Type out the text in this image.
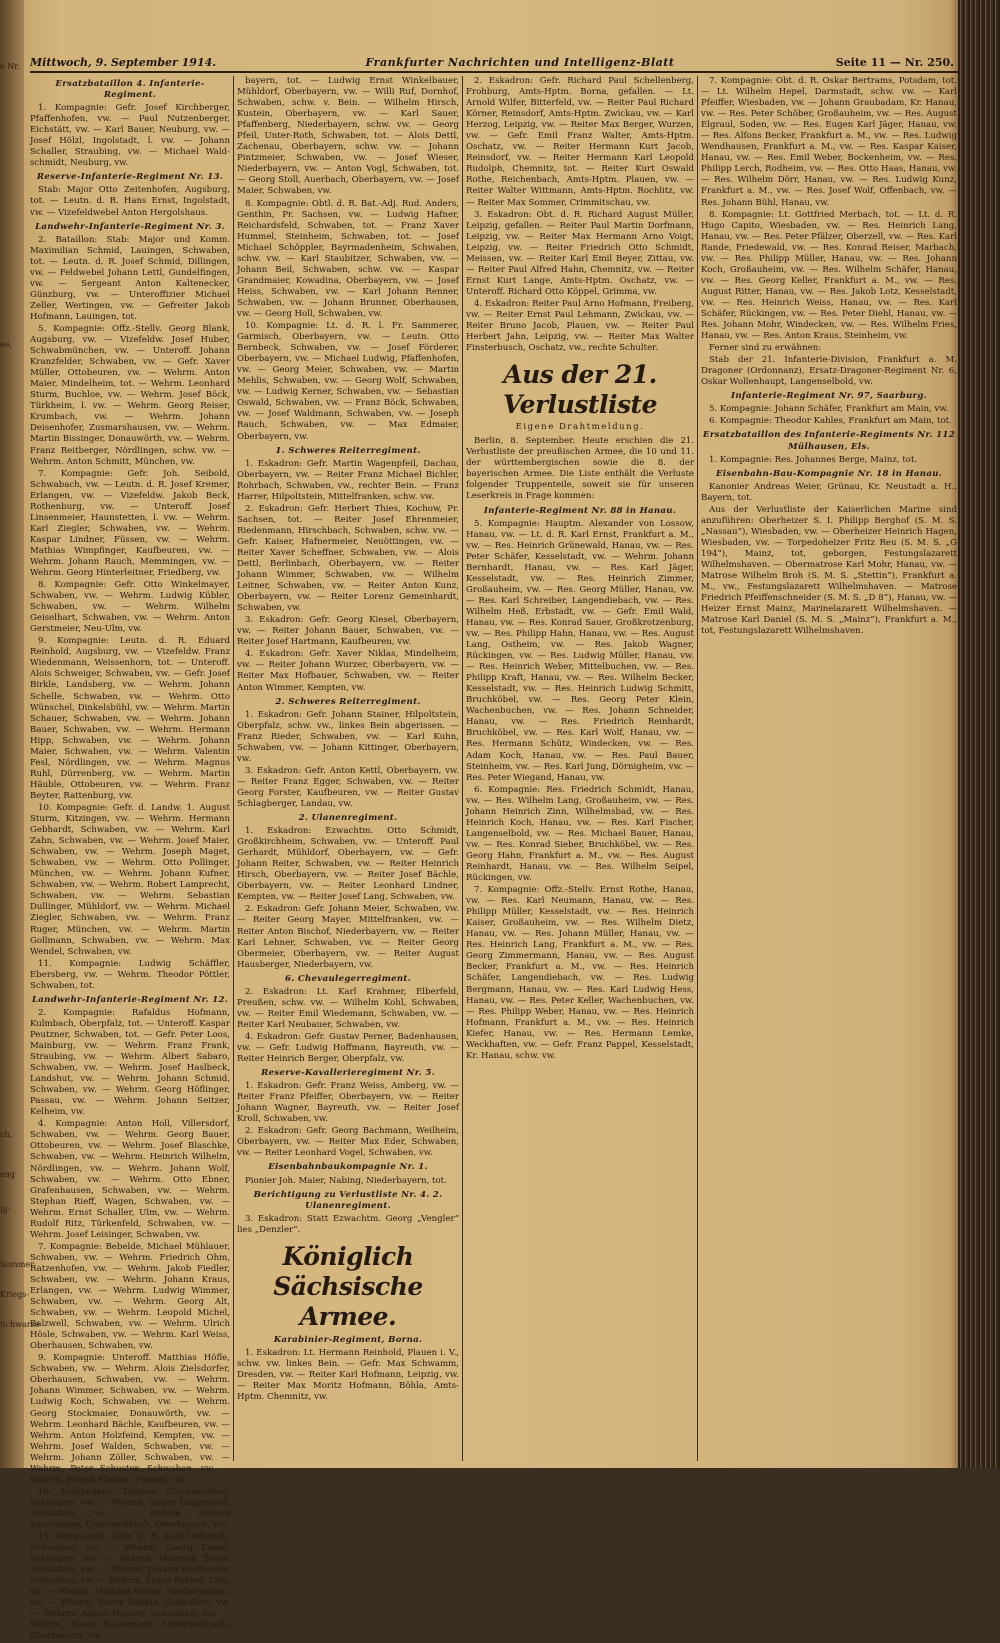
e Nr.
ee,
ch,
eng
ig-
Sommer
Kriegs-
Schwarze
Mittwoch, 9. September 1914.	Frankfurter Nachrichten und Intelligenz-Blatt	Seite 11 — Nr. 250.
Ersatzbataillon 4. Infanterie-Regiment.

1. Kompagnie: Gefr. Josef Kirchberger, Pfaffenhofen, vw. — Paul Nutzenberger, Eichstätt, vw. — Karl Bauer, Neuburg, vw. — Josef Hölzl, Ingolstadt, l. vw. — Johann Schaller, Straubing, vw. — Michael Wald-schmidt, Neuburg, vw.

Reserve-Infanterie-Regiment Nr. 13.

Stab: Major Otto Zeitenhofen, Augsburg, tot. — Leutn. d. R. Hans Ernst, Ingolstadt, vw. — Vizefeldwebel Anton Hergolshaus.

Landwehr-Infanterie-Regiment Nr. 3.

2. Bataillon: Stab: Major und Komm. Maximilian Schmid, Lauingen, Schwaben, tot. — Leutn. d. R. Josef Schmid, Dillingen, vw. — Feldwebel Johann Lettl, Gundelfingen, vw. — Sergeant Anton Kaltenecker, Günzburg, vw. — Unteroffizier Michael Zeller, Wertingen, vw. — Gefreiter Jakob Hofmann, Lauingen, tot.

5. Kompagnie: Offz.-Stellv. Georg Blank, Augsburg, vw. — Vizefeldw. Josef Huber, Schwabmünchen, vw. — Unteroff. Johann Kranzfelder, Schwaben, vw. — Gefr. Xaver Müller, Ottobeuren, vw. — Wehrm. Anton Maier, Mindelheim, tot. — Wehrm. Leonhard Sturm, Buchloe, vw. — Wehrm. Josef Böck, Türkheim, l. vw. — Wehrm. Georg Reiser, Krumbach, vw. — Wehrm. Johann Deisenhofer, Zusmarshausen, vw. — Wehrm. Martin Bissinger, Donauwörth, vw. — Wehrm. Franz Reitberger, Nördlingen, schw. vw. — Wehrm. Anton Schmitt, München, vw.

7. Kompagnie: Gefr. Joh. Seibold, Schwabach, vw. — Leutn. d. R. Josef Kremer, Erlangen, vw. — Vizefeldw. Jakob Beck, Rothenburg, vw. — Unteroff. Josef Linsenmeier, Haunstetten, l. vw. — Wehrm. Karl Ziegler, Schwaben, vw. — Wehrm. Kaspar Lindner, Füssen, vw. — Wehrm. Mathias Wimpfinger, Kaufbeuren, vw. — Wehrm. Johann Rauch, Memmingen, vw. — Wehrm. Georg Hinterleitner, Friedberg, vw.

8. Kompagnie: Gefr. Otto Winkelmayer, Schwaben, vw. — Wehrm. Ludwig Kübler, Schwaben, vw. — Wehrm. Wilhelm Geiselhart, Schwaben, vw. — Wehrm. Anton Gerstmeier, Neu-Ulm, vw.

9. Kompagnie: Leutn. d. R. Eduard Reinhold, Augsburg, vw. — Vizefeldw. Franz Wiedenmann, Weissenhorn, tot. — Unteroff. Alois Schweiger, Schwaben, vw. — Gefr. Josef Birkle, Landsberg, vw. — Wehrm. Johann Schelle, Schwaben, vw. — Wehrm. Otto Wünschel, Dinkelsbühl, vw. — Wehrm. Martin Schauer, Schwaben, vw. — Wehrm. Johann Bauer, Schwaben, vw. — Wehrm. Hermann Hipp, Schwaben, vw. — Wehrm. Johann Maier, Schwaben, vw. — Wehrm. Valentin Fesl, Nördlingen, vw. — Wehrm. Magnus Ruhl, Dürrenberg, vw. — Wehrm. Martin Häuble, Ottobeuren, vw. — Wehrm. Franz Beyter, Rattenburg, vw.

10. Kompagnie: Gefr. d. Landw. 1. August Sturm, Kitzingen, vw. — Wehrm. Hermann Gebhardt, Schwaben, vw. — Wehrm. Karl Zahn, Schwaben, vw. — Wehrm. Josef Maier, Schwaben, vw. — Wehrm. Joseph Maget, Schwaben, vw. — Wehrm. Otto Pollinger, München, vw. — Wehrm. Johann Kufner, Schwaben, vw. — Wehrm. Robert Lamprecht, Schwaben, vw. — Wehrm. Sebastian Dullinger, Mühldorf, vw. — Wehrm. Michael Ziegler, Schwaben, vw. — Wehrm. Franz Ruger, München, vw. — Wehrm. Martin Gollmann, Schwaben, vw. — Wehrm. Max Wendel, Schwaben, vw.

11. Kompagnie: Ludwig Schäffler, Ebersberg, vw. — Wehrm. Theodor Pöttler, Schwaben, tot.

Landwehr-Infanterie-Regiment Nr. 12.

2. Kompagnie: Rafaldus Hofmann, Kulmbach, Oberpfalz, tot. — Unteroff. Kaspar Peutzner, Schwaben, tot. — Gefr. Peter Loos, Mainburg, vw. — Wehrm. Franz Frank, Straubing, vw. — Wehrm. Albert Sabaro, Schwaben, vw. — Wehrm. Josef Haslbeck, Landshut, vw. — Wehrm. Johann Schmid, Schwaben, vw. — Wehrm. Georg Höflinger, Passau, vw. — Wehrm. Johann Seitzer, Kelheim, vw.

4. Kompagnie: Anton Holl, Villersdorf, Schwaben, vw. — Wehrm. Georg Bauer, Ottobeuren, vw. — Wehrm. Josef Blaschke, Schwaben, vw. — Wehrm. Heinrich Wilhelm, Nördlingen, vw. — Wehrm. Johann Wolf, Schwaben, vw. — Wehrm. Otto Ebner, Grafenhausen, Schwaben, vw. — Wehrm. Stephan Rieff, Wagen, Schwaben, vw. — Wehrm. Ernst Schaller, Ulm, vw. — Wehrm. Rudolf Ritz, Türkenfeld, Schwaben, vw. — Wehrm. Josef Leisinger, Schwaben, vw.

7. Kompagnie: Bebelde, Michael Mühlauer, Schwaben, vw. — Wehrm. Friedrich Ohm, Ratzenhofen, vw. — Wehrm. Jakob Fiedler, Schwaben, vw. — Wehrm. Johann Kraus, Erlangen, vw. — Wehrm. Ludwig Wimmer, Schwaben, vw. — Wehrm. Georg Alt, Schwaben, vw. — Wehrm. Leopold Michel, Balzwell, Schwaben, vw. — Wehrm. Ulrich Hösle, Schwaben, vw. — Wehrm. Karl Weiss, Oberhausen, Schwaben, vw.

9. Kompagnie: Unteroff. Matthias Höfle, Schwaben, vw. — Wehrm. Alois Zielsdorfer, Oberhausen, Schwaben, vw. — Wehrm. Johann Wimmer, Schwaben, vw. — Wehrm. Ludwig Koch, Schwaben, vw. — Wehrm. Georg Stockmaier, Donauwörth, vw. — Wehrm. Leonhard Bächle, Kaufbeuren, vw. — Wehrm. Anton Holzfeind, Kempten, vw. — Wehrm. Josef Walden, Schwaben, vw. — Wehrm. Johann Zöller, Schwaben, vw. — Wehrm. Peter Schuster, Schwaben, vw. — Wehrm. Joseph Kleiner, Füssen, vw.

10. Kompagnie: Thomas Glöcknerstner, Schwaben, vw. — Wehrm. Georg Langerfeld, Schwaben, vw. — Wehrm. Johann Sauermann, Unterweilbach, Oberbayern, vw.

11. Kompagnie: Gefr. d. R. Karl Oefferich, Schwaben, vw. — Wehrm. Georg Kiesel, Schwaben, vw. — Wehrm. Heinrich Teller, Schwaben, vw. — Wehrm. Johann Greilmeier, Schwaben, vw. — Wehrm. Franz Pablad, Ulm, vw. — Wehrm. Michael Müller, Niederraunau, vw. — Wehrm. Xaver Kunkle, Schwaben, vw. — Wehrm. Anton Hauser, Schwaben, vw. — Wehrm. Xaver Sauermann, Unterweilbach, Oberbayern, vw.

bayern, tot. — Ludwig Ernst Winkelbauer, Mühldorf, Oberbayern, vw. — Willi Ruf, Dornhof, Schwaben, schw. v. Bein. — Wilhelm Hirsch, Kustein, Oberbayern, vw. — Karl Sauer, Pfaffenberg, Niederbayern, schw. vw. — Georg Pfeil, Unter-Roth, Schwaben, tot. — Alois Dettl, Zachenau, Oberbayern, schw. vw. — Johann Pintzmeier, Schwaben, vw. — Josef Wieser, Niederbayern, vw. — Anton Vogl, Schwaben, tot. — Georg Stoll, Auerbach, Oberbayern, vw. — Josef Maier, Schwaben, vw.

8. Kompagnie: Obtl. d. R. Bat.-Adj. Rud. Anders, Genthin, Pr. Sachsen, vw. — Ludwig Hafner, Reichardsfeld, Schwaben, tot. — Franz Xaver Hummel, Steinheim, Schwaben, tot. — Josef Michael Schöppler, Bayrmadenheim, Schwaben, schw. vw. — Karl Staubitzer, Schwaben, vw. — Johann Beil, Schwaben, schw. vw. — Kaspar Grandmaier, Kowadina, Oberbayern, vw. — Josef Heiss, Schwaben, vw. — Karl Johann Renner, Schwaben, vw. — Johann Brunner, Oberhausen, vw. — Georg Holl, Schwaben, vw.

10. Kompagnie: Lt. d. R. l. Fr. Sammerer, Garmisch, Oberbayern, vw. — Leutn. Otto Bernbeck, Schwaben, vw. — Josef Förderer, Oberbayern, vw. — Michael Ludwig, Pfaffenhofen, vw. — Georg Meier, Schwaben, vw. — Martin Mehlis, Schwaben, vw. — Georg Wolf, Schwaben, vw. — Ludwig Kerner, Schwaben, vw. — Sebastian Oswald, Schwaben, vw. — Franz Böck, Schwaben, vw. — Josef Waldmann, Schwaben, vw. — Joseph Rauch, Schwaben, vw. — Max Edmaier, Oberbayern, vw.

1. Schweres Reiterregiment.

1. Eskadron: Gefr. Martin Wagenpfeil, Dachau, Oberbayern, vw. — Reiter Franz Michael Bichler, Rohrbach, Schwaben, vw., rechter Bein. — Franz Harrer, Hilpoltstein, Mittelfranken, schw. vw.

2. Eskadron: Gefr. Herbert Thies, Kochow, Pr. Sachsen, tot. — Reiter Josef Ehrenmeier, Riedenmann, Hirschbach, Schwaben, schw. vw. — Gefr. Kaiser, Hafnermeier, Neuöttingen, vw. — Reiter Xaver Scheffner, Schwaben, vw. — Alois Dettl, Berlinbach, Oberbayern, vw. — Reiter Johann Wimmer, Schwaben, vw. — Wilhelm Leitner, Schwaben, vw. — Reiter Anton Kunz, Oberbayern, vw. — Reiter Lorenz Gemeinhardt, Schwaben, vw.

3. Eskadron: Gefr. Georg Kiesel, Oberbayern, vw. — Reiter Johann Bauer, Schwaben, vw. — Reiter Josef Hartmann, Kaufbeuren, vw.

4. Eskadron: Gefr. Xaver Niklas, Mindelheim, vw. — Reiter Johann Wurzer, Oberbayern, vw. — Reiter Max Hofbauer, Schwaben, vw. — Reiter Anton Wimmer, Kempten, vw.

2. Schweres Reiterregiment.

1. Eskadron: Gefr. Johann Stainer, Hilpoltstein, Oberpfalz, schw. vw., linkes Bein abgerissen. — Franz Rieder, Schwaben, vw. — Karl Kuhn, Schwaben, vw. — Johann Kittinger, Oberbayern, vw.

3. Eskadron: Gefr. Anton Kettl, Oberbayern, vw. — Reiter Franz Egger, Schwaben, vw. — Reiter Georg Forster, Kaufbeuren, vw. — Reiter Gustav Schlagberger, Landau, vw.

2. Ulanenregiment.

1. Eskadron: Ezwachtm. Otto Schmidt, Großkirchheim, Schwaben, vw. — Unteroff. Paul Gerhardt, Mühldorf, Oberbayern, vw. — Gefr. Johann Reiter, Schwaben, vw. — Reiter Heinrich Hirsch, Oberbayern, vw. — Reiter Josef Bächle, Oberbayern, vw. — Reiter Leonhard Lindner, Kempten, vw. — Reiter Josef Lang, Schwaben, vw.

2. Eskadron: Gefr. Johann Meier, Schwaben, vw. — Reiter Georg Mayer, Mittelfranken, vw. — Reiter Anton Bischof, Niederbayern, vw. — Reiter Karl Lehner, Schwaben, vw. — Reiter Georg Obermeier, Oberbayern, vw. — Reiter August Hausberger, Niederbayern, vw.

6. Chevaulegerregiment.

2. Eskadron: Lt. Karl Krahmer, Elberfeld, Preußen, schw. vw. — Wilhelm Kohl, Schwaben, vw. — Reiter Emil Wiedemann, Schwaben, vw. — Reiter Karl Neubauer, Schwaben, vw.

4. Eskadron: Gefr. Gustav Perner, Badenhausen, vw. — Gefr. Ludwig Hoffmann, Bayreuth, vw. — Reiter Heinrich Berger, Oberpfalz, vw.

Reserve-Kavallerieregiment Nr. 5.

1. Eskadron: Gefr. Franz Weiss, Amberg, vw. — Reiter Franz Pfeiffer, Oberbayern, vw. — Reiter Johann Wagner, Bayreuth, vw. — Reiter Josef Kroll, Schwaben, vw.

2. Eskadron: Gefr. Georg Bachmann, Weilheim, Oberbayern, vw. — Reiter Max Eder, Schwaben, vw. — Reiter Leonhard Vogel, Schwaben, vw.

Eisenbahnbaukompagnie Nr. 1.

Pionier Joh. Maier, Nabing, Niederbayern, tot.

Berichtigung zu Verlustliste Nr. 4. 2. Ulanenregiment.

3. Eskadron: Statt Ezwachtm. Georg „Vengler“ lies „Denzler“.

Königlich Sächsische Armee.
Karabinier-Regiment, Borna.

1. Eskadron: Lt. Hermann Reinhold, Plauen i. V., schw. vw. linkes Bein. — Gefr. Max Schwamm, Dresden, vw. — Reiter Karl Hofmann, Leipzig, vw. — Reiter Max Moritz Hofmann, Böhla, Amts-Hptm. Chemnitz, vw.

2. Eskadron: Gefr. Richard Paul Schellenberg, Frohburg, Amts-Hptm. Borna, gefallen. — Lt. Arnold Wilfer, Bitterfeld, vw. — Reiter Paul Richard Körner, Reinsdorf, Amts-Hptm. Zwickau, vw. — Karl Herzog, Leipzig, vw. — Reiter Max Berger, Wurzen, vw. — Gefr. Emil Franz Walter, Amts-Hptm. Oschatz, vw. — Reiter Hermann Kurt Jacob, Reinsdorf, vw. — Reiter Hermann Karl Leopold Rudolph, Chemnitz, tot. — Reiter Kurt Oswald Rothe, Reichenbach, Amts-Hptm. Plauen, vw. — Reiter Walter Wittmann, Amts-Hptm. Rochlitz, vw. — Reiter Max Sommer, Crimmitschau, vw.

3. Eskadron: Obt. d. R. Richard August Müller, Leipzig, gefallen. — Reiter Paul Martin Dorfmann, Leipzig, vw. — Reiter Max Hermann Arno Voigt, Leipzig, vw. — Reiter Friedrich Otto Schmidt, Meissen, vw. — Reiter Karl Emil Beyer, Zittau, vw. — Reiter Paul Alfred Hahn, Chemnitz, vw. — Reiter Ernst Kurt Lange, Amts-Hptm. Oschatz, vw. — Unteroff. Richard Otto Köppel, Grimma, vw.

4. Eskadron: Reiter Paul Arno Hofmann, Freiberg, vw. — Reiter Ernst Paul Lehmann, Zwickau, vw. — Reiter Bruno Jacob, Plauen, vw. — Reiter Paul Herbert Jahn, Leipzig, vw. — Reiter Max Walter Finsterbusch, Oschatz, vw., rechte Schulter.

Aus der 21. Verlustliste
Eigene Drahtmeldung.

Berlin, 8. September. Heute erschien die 21. Verlustliste der preußischen Armee, die 10 und 11. der württembergischen sowie die 8. der bayerischen Armee. Die Liste enthält die Verluste folgender Truppenteile, soweit sie für unseren Leserkreis in Frage kommen:

Infanterie-Regiment Nr. 88 in Hanau.

5. Kompagnie: Hauptm. Alexander von Lossow, Hanau, vw. — Lt. d. R. Karl Ernst, Frankfurt a. M., vw. — Res. Heinrich Grünewald, Hanau, vw. — Res. Peter Schäfer, Kesselstadt, vw. — Wehrm. Johann Bernhardt, Hanau, vw. — Res. Karl Jäger, Kesselstadt, vw. — Res. Heinrich Zimmer, Großauheim, vw. — Res. Georg Müller, Hanau, vw. — Res. Karl Schreiber, Langendiebach, vw. — Res. Wilhelm Heß, Erbstadt, vw. — Gefr. Emil Wald, Hanau, vw. — Res. Konrad Sauer, Großkrotzenburg, vw. — Res. Philipp Hahn, Hanau, vw. — Res. August Lang, Ostheim, vw. — Res. Jakob Wagner, Rückingen, vw. — Res. Ludwig Müller, Hanau, vw. — Res. Heinrich Weber, Mittelbuchen, vw. — Res. Philipp Kraft, Hanau, vw. — Res. Wilhelm Becker, Kesselstadt, vw. — Res. Heinrich Ludwig Schmitt, Bruchköbel, vw. — Res. Georg Peter Klein, Wachenbuchen, vw. — Res. Johann Schneider, Hanau, vw. — Res. Friedrich Reinhardt, Bruchköbel, vw. — Res. Karl Wolf, Hanau, vw. — Res. Hermann Schütz, Windecken, vw. — Res. Adam Koch, Hanau, vw. — Res. Paul Bauer, Steinheim, vw. — Res. Karl Jung, Dörnigheim, vw. — Res. Peter Wiegand, Hanau, vw.

6. Kompagnie: Res. Friedrich Schmidt, Hanau, vw. — Res. Wilhelm Lang, Großauheim, vw. — Res. Johann Heinrich Zinn, Wilhelmsbad, vw. — Res. Heinrich Koch, Hanau, vw. — Res. Karl Fischer, Langenselbold, vw. — Res. Michael Bauer, Hanau, vw. — Res. Konrad Sieber, Bruchköbel, vw. — Res. Georg Hahn, Frankfurt a. M., vw. — Res. August Reinhardt, Hanau, vw. — Res. Wilhelm Seipel, Rückingen, vw.

7. Kompagnie: Offz.-Stellv. Ernst Rothe, Hanau, vw. — Res. Karl Neumann, Hanau, vw. — Res. Philipp Müller, Kesselstadt, vw. — Res. Heinrich Kaiser, Großauheim, vw. — Res. Wilhelm Dietz, Hanau, vw. — Res. Johann Müller, Hanau, vw. — Res. Heinrich Lang, Frankfurt a. M., vw. — Res. Georg Zimmermann, Hanau, vw. — Res. August Becker, Frankfurt a. M., vw. — Res. Heinrich Schäfer, Langendiebach, vw. — Res. Ludwig Bergmann, Hanau, vw. — Res. Karl Ludwig Hess, Hanau, vw. — Res. Peter Keller, Wachenbuchen, vw. — Res. Philipp Weber, Hanau, vw. — Res. Heinrich Hofmann, Frankfurt a. M., vw. — Res. Heinrich Kiefer, Hanau, vw. — Res. Hermann Lemke, Weckhaften, vw. — Gefr. Franz Pappel, Kesselstadt, Kr. Hanau, schw. vw.

7. Kompagnie: Obt. d. R. Oskar Bertrams, Potsdam, tot. — Lt. Wilhelm Hepel, Darmstadt, schw. vw. — Karl Pfeiffer, Wiesbaden, vw. — Johann Graubadam, Kr. Hanau, vw. — Res. Peter Schöber, Großauheim, vw. — Res. August Elgraul, Soden, vw. — Res. Eugen Karl Jäger, Hanau, vw. — Res. Alfons Becker, Frankfurt a. M., vw. — Res. Ludwig Wendhausen, Frankfurt a. M., vw. — Res. Kaspar Kaiser, Hanau, vw. — Res. Emil Weber, Bockenheim, vw. — Res. Philipp Lerch, Rodheim, vw. — Res. Otto Haas, Hanau, vw. — Res. Wilhelm Dörr, Hanau, vw. — Res. Ludwig Kunz, Frankfurt a. M., vw. — Res. Josef Wolf, Offenbach, vw. — Res. Johann Bühl, Hanau, vw.

8. Kompagnie: Lt. Gottfried Merbach, tot. — Lt. d. R. Hugo Capito, Wiesbaden, vw. — Res. Heinrich Lang, Hanau, vw. — Res. Peter Pfälzer, Oberzell, vw. — Res. Karl Rande, Friedewald, vw. — Res. Konrad Reiser, Marbach, vw. — Res. Philipp Müller, Hanau, vw. — Res. Johann Koch, Großauheim, vw. — Res. Wilhelm Schäfer, Hanau, vw. — Res. Georg Keller, Frankfurt a. M., vw. — Res. August Ritter, Hanau, vw. — Res. Jakob Lotz, Kesselstadt, vw. — Res. Heinrich Weiss, Hanau, vw. — Res. Karl Schäfer, Rückingen, vw. — Res. Peter Diehl, Hanau, vw. — Res. Johann Mohr, Windecken, vw. — Res. Wilhelm Fries, Hanau, vw. — Res. Anton Kraus, Steinheim, vw.

Ferner sind zu erwähnen:

Stab der 21. Infanterie-Division, Frankfurt a. M. Dragoner (Ordonnanz), Ersatz-Dragoner-Regiment Nr. 6, Oskar Wollenhaupt, Langenselbold, vw.

Infanterie-Regiment Nr. 97, Saarburg.

5. Kompagnie: Johann Schäfer, Frankfurt am Main, vw.

6. Kompagnie: Theodor Kahles, Frankfurt am Main, tot.

Ersatzbataillon des Infanterie-Regiments Nr. 112 Mülhausen, Els.

1. Kompagnie: Res. Johannes Berge, Mainz, tot.

Eisenbahn-Bau-Kompagnie Nr. 18 in Hanau.

Kanonier Andreas Weier, Grünau, Kr. Neustadt a. H., Bayern, tot.

Aus der Verlustliste der Kaiserlichen Marine sind anzuführen: Oberheizer S. I. Philipp Berghof (S. M. S. „Nassau“), Wiesbaden, vw. — Oberheizer Heinrich Hagen, Wiesbaden, vw. — Torpedoheizer Fritz Reu (S. M. S. „G 194“), Mainz, tot, geborgen, Festungslazarett Wilhelmshaven. — Obermatrose Karl Mohr, Hanau, vw. — Matrose Wilhelm Broh (S. M. S. „Stettin“), Frankfurt a. M., vw., Festungslazarett Wilhelmshaven. — Matrose Friedrich Pfeiffenschneider (S. M. S. „D 8“), Hanau, vw. — Heizer Ernst Mainz, Marinelazarett Wilhelmshaven. — Matrose Karl Daniel (S. M. S. „Mainz“), Frankfurt a. M., tot, Festungslazarett Wilhelmshaven.
